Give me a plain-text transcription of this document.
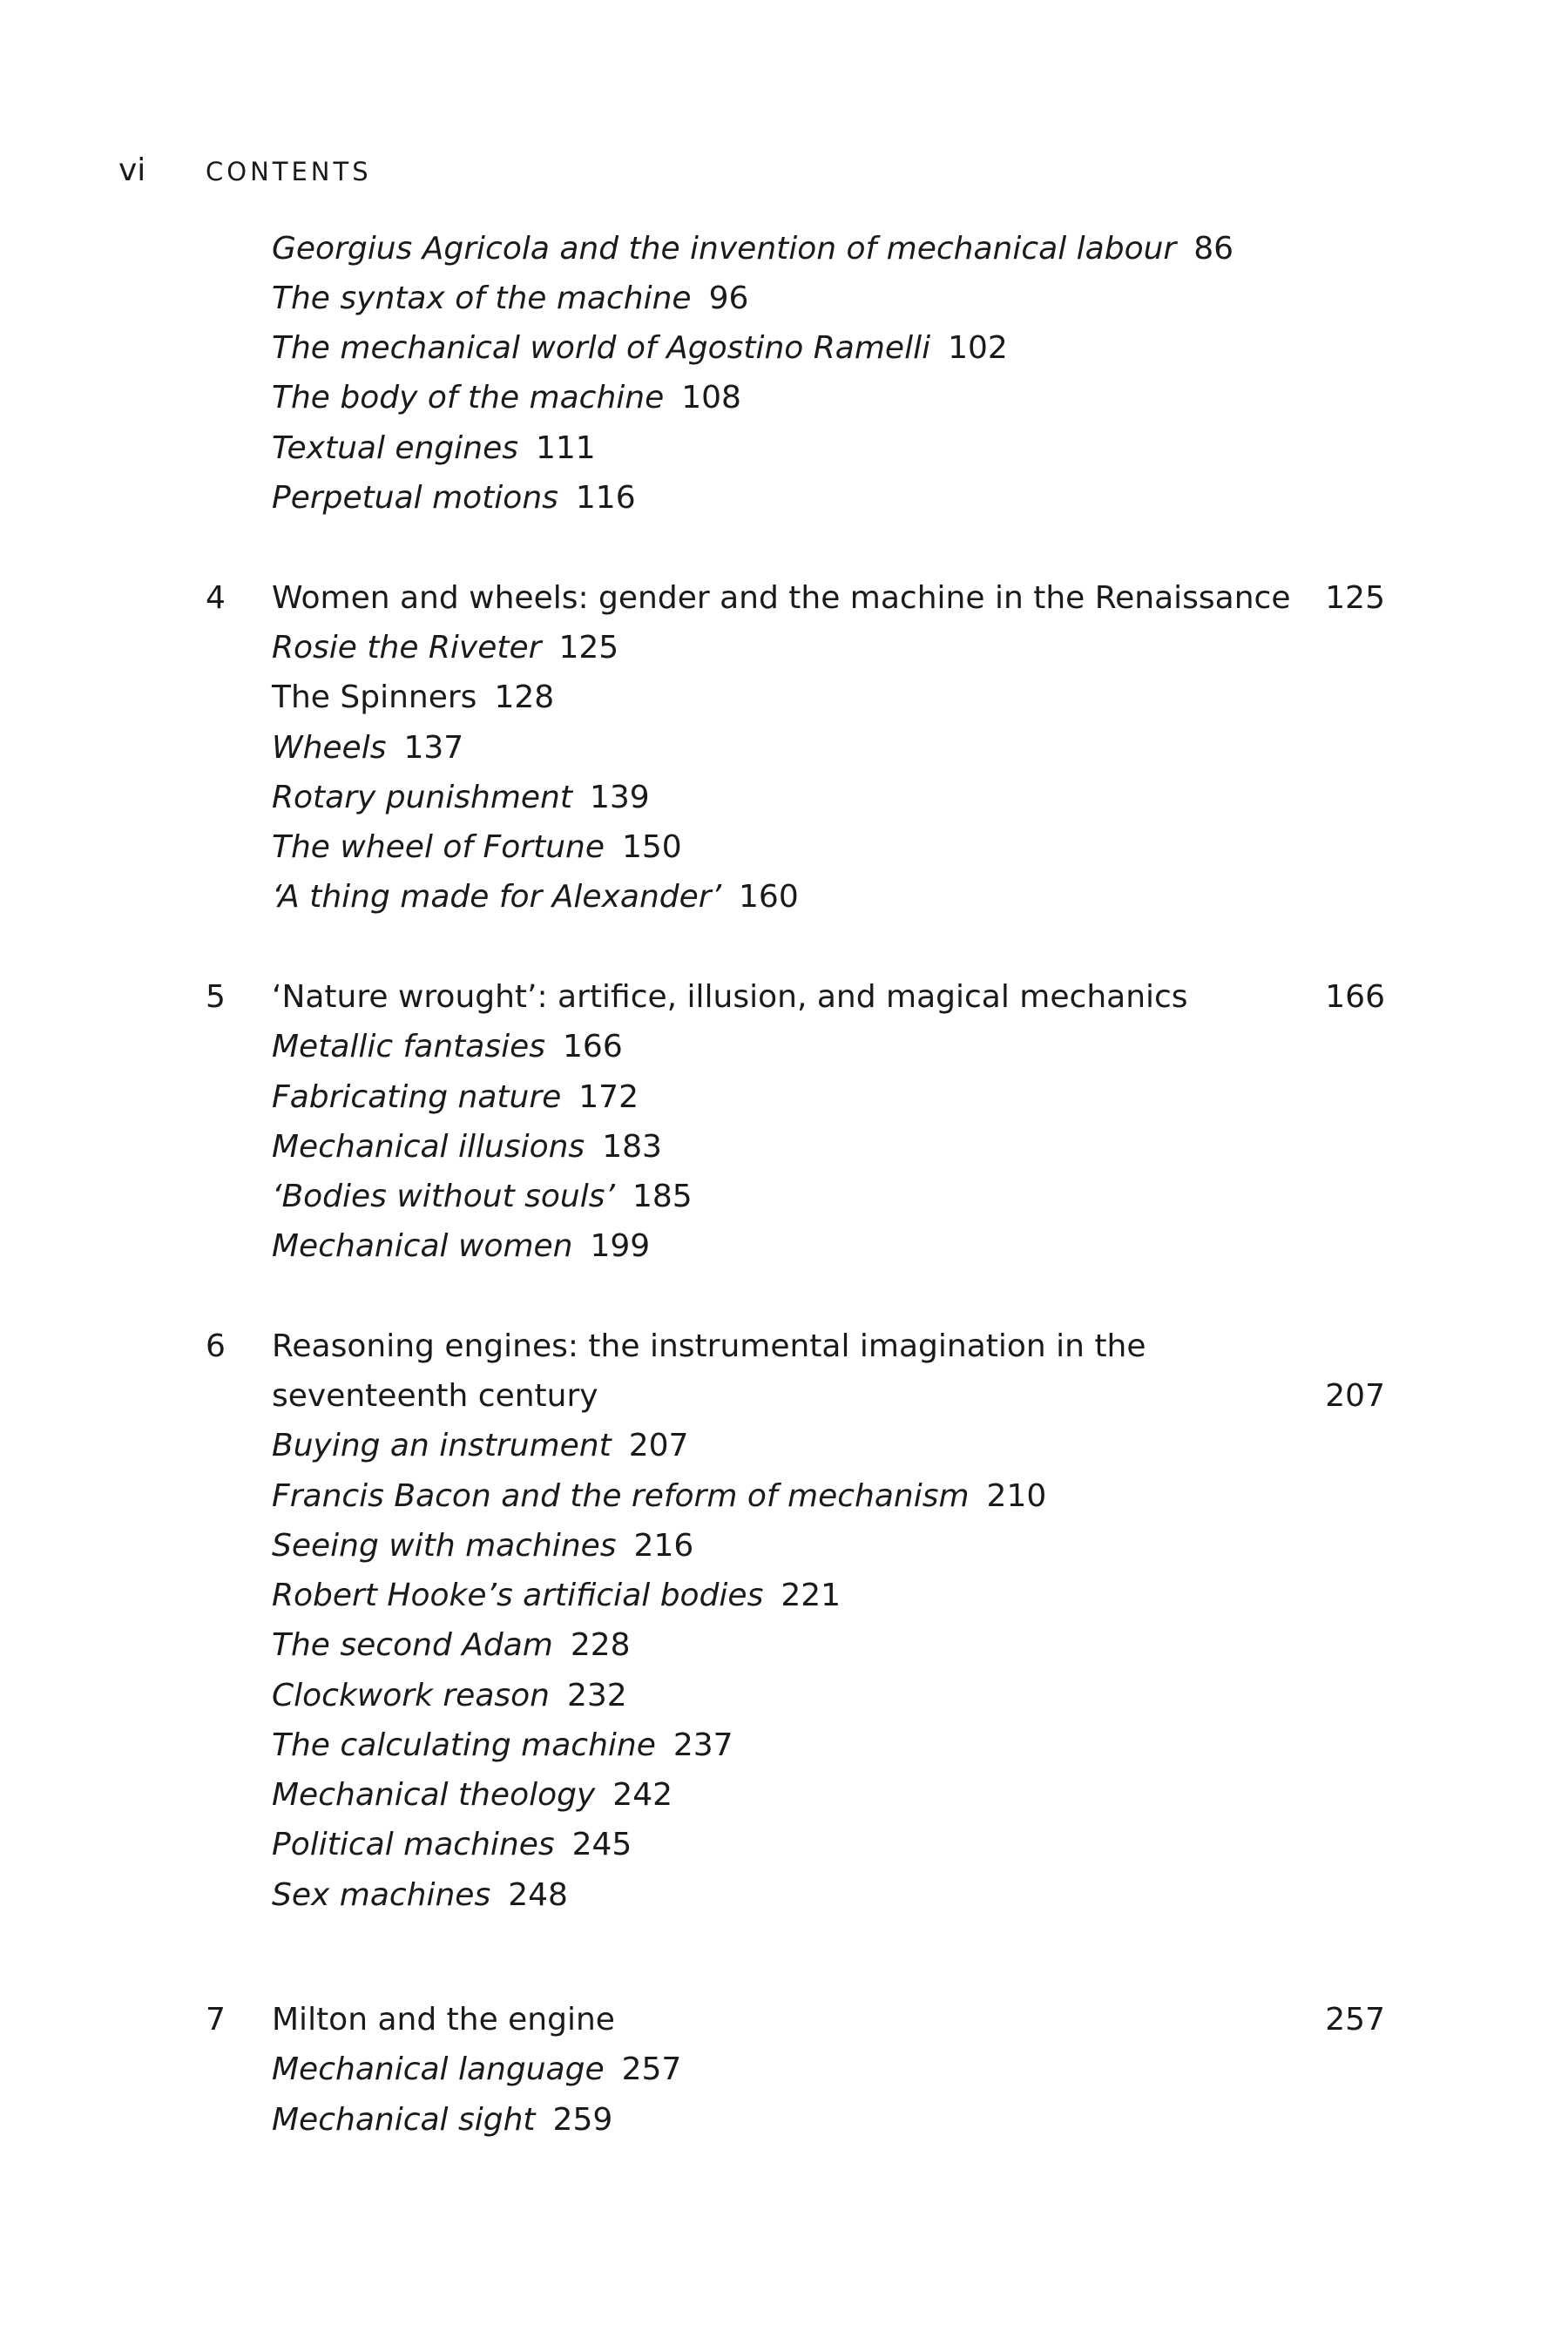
vi CONTENTS
Georgius Agricola and the invention of mechanical labour 86
The syntax of the machine 96
The mechanical world of Agostino Ramelli 102
The body of the machine 108
Textual engines 111
Perpetual motions 116
4 Women and wheels: gender and the machine in the Renaissance	125
Rosie the Riveter 125
The Spinners 128
Wheels 137
Rotary punishment 139
The wheel of Fortune 150
‘A thing made for Alexander’ 160
5 ‘Nature wrought’: artifice, illusion, and magical mechanics	166
Metallic fantasies 166
Fabricating nature 172
Mechanical illusions 183
‘Bodies without souls’ 185
Mechanical women 199
6 Reasoning engines: the instrumental imagination in the
seventeenth century	207
Buying an instrument 207
Francis Bacon and the reform of mechanism 210
Seeing with machines 216
Robert Hooke’s artificial bodies 221
The second Adam 228
Clockwork reason 232
The calculating machine 237
Mechanical theology 242
Political machines 245
Sex machines 248
7 Milton and the engine	257
Mechanical language 257
Mechanical sight 259
